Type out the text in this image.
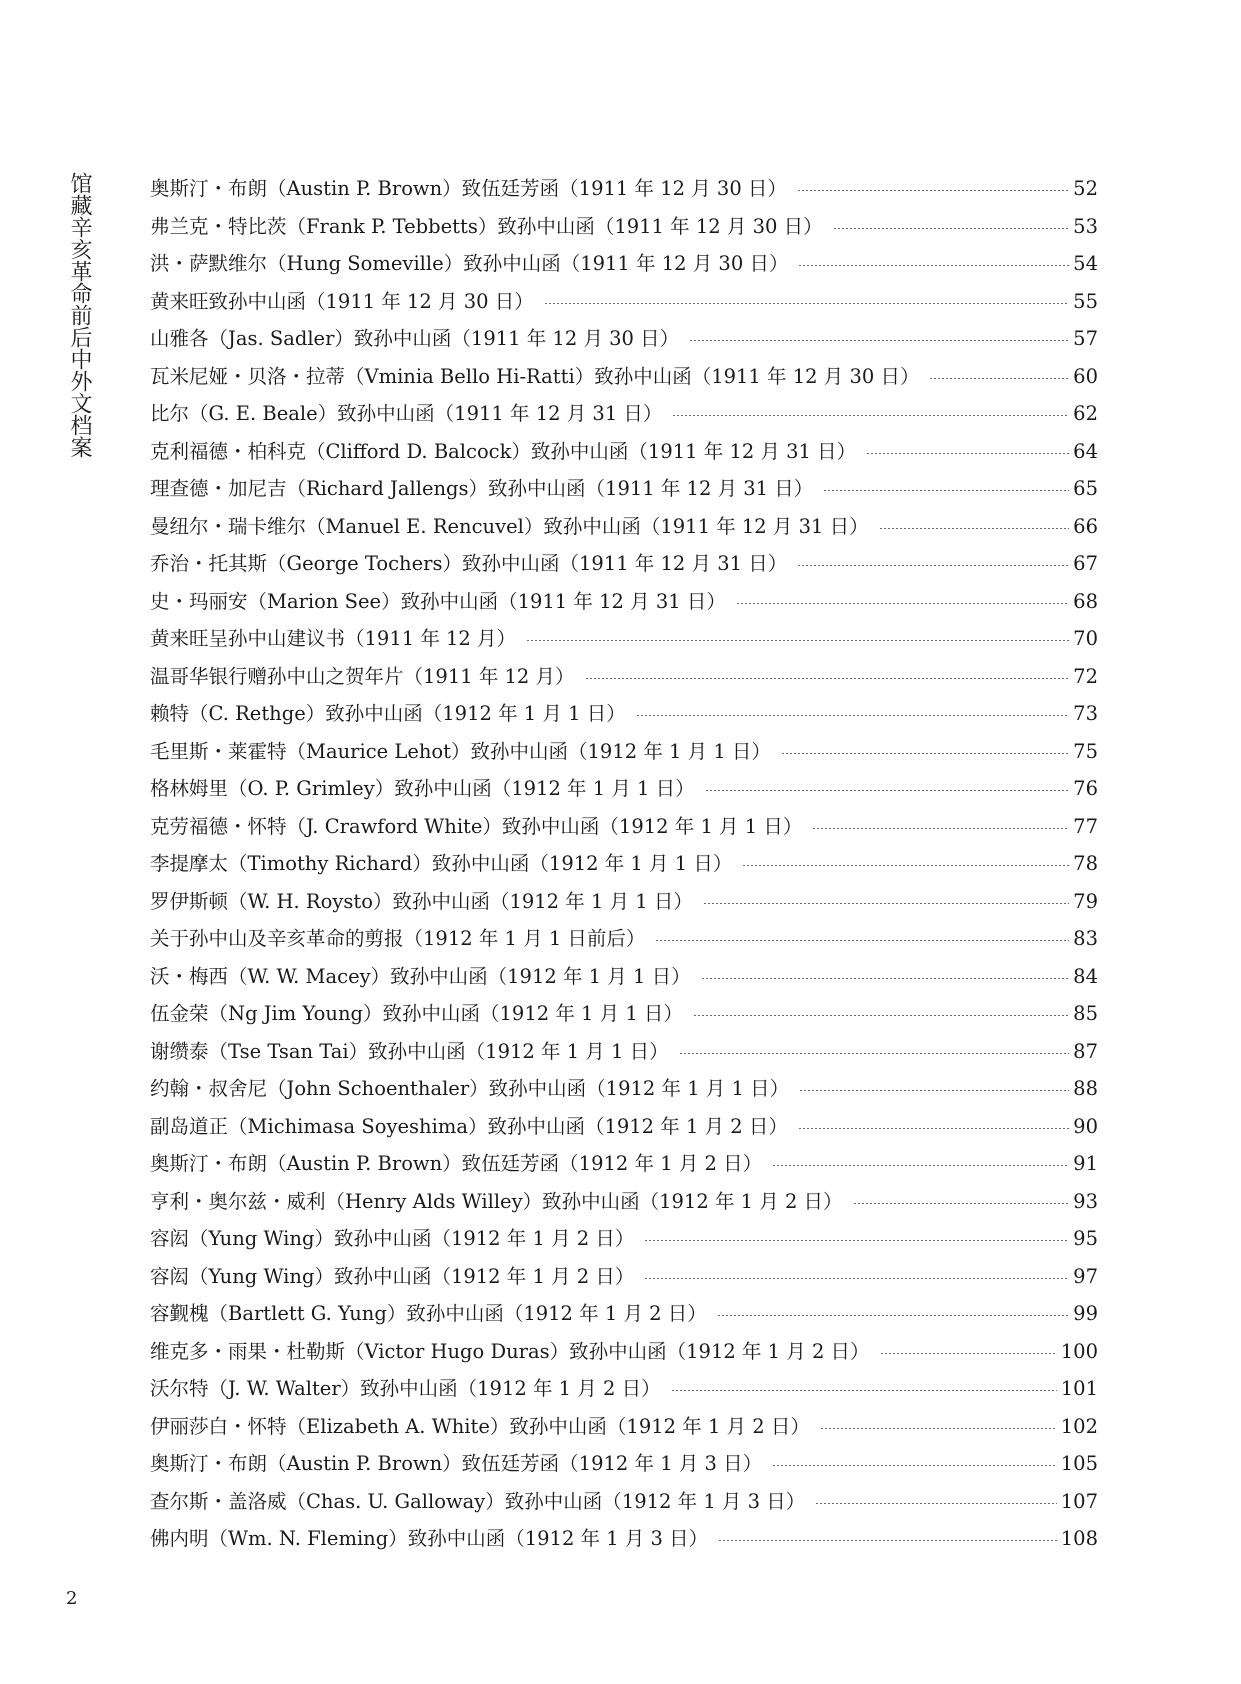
馆藏辛亥革命前后中外文档案	奥斯汀・布朗（Austin P. Brown）致伍廷芳函（1911 年 12 月 30 日）	52
弗兰克・特比茨（Frank P. Tebbetts）致孙中山函（1911 年 12 月 30 日）	53
洪・萨默维尔（Hung Someville）致孙中山函（1911 年 12 月 30 日）	54
黄来旺致孙中山函（1911 年 12 月 30 日）	55
山雅各（Jas. Sadler）致孙中山函（1911 年 12 月 30 日）	57
瓦米尼娅・贝洛・拉蒂（Vminia Bello Hi-Ratti）致孙中山函（1911 年 12 月 30 日）	60
比尔（G. E. Beale）致孙中山函（1911 年 12 月 31 日）	62
克利福德・柏科克（Clifford D. Balcock）致孙中山函（1911 年 12 月 31 日）	64
理查德・加尼吉（Richard Jallengs）致孙中山函（1911 年 12 月 31 日）	65
曼纽尔・瑞卡维尔（Manuel E. Rencuvel）致孙中山函（1911 年 12 月 31 日）	66
乔治・托其斯（George Tochers）致孙中山函（1911 年 12 月 31 日）	67
史・玛丽安（Marion See）致孙中山函（1911 年 12 月 31 日）	68
黄来旺呈孙中山建议书（1911 年 12 月）	70
温哥华银行赠孙中山之贺年片（1911 年 12 月）	72
赖特（C. Rethge）致孙中山函（1912 年 1 月 1 日）	73
毛里斯・莱霍特（Maurice Lehot）致孙中山函（1912 年 1 月 1 日）	75
格林姆里（O. P. Grimley）致孙中山函（1912 年 1 月 1 日）	76
克劳福德・怀特（J. Crawford White）致孙中山函（1912 年 1 月 1 日）	77
李提摩太（Timothy Richard）致孙中山函（1912 年 1 月 1 日）	78
罗伊斯顿（W. H. Roysto）致孙中山函（1912 年 1 月 1 日）	79
关于孙中山及辛亥革命的剪报（1912 年 1 月 1 日前后）	83
沃・梅西（W. W. Macey）致孙中山函（1912 年 1 月 1 日）	84
伍金荣（Ng Jim Young）致孙中山函（1912 年 1 月 1 日）	85
谢缵泰（Tse Tsan Tai）致孙中山函（1912 年 1 月 1 日）	87
约翰・叔舍尼（John Schoenthaler）致孙中山函（1912 年 1 月 1 日）	88
副岛道正（Michimasa Soyeshima）致孙中山函（1912 年 1 月 2 日）	90
奥斯汀・布朗（Austin P. Brown）致伍廷芳函（1912 年 1 月 2 日）	91
亨利・奥尔兹・威利（Henry Alds Willey）致孙中山函（1912 年 1 月 2 日）	93
容闳（Yung Wing）致孙中山函（1912 年 1 月 2 日）	95
容闳（Yung Wing）致孙中山函（1912 年 1 月 2 日）	97
容觐槐（Bartlett G. Yung）致孙中山函（1912 年 1 月 2 日）	99
维克多・雨果・杜勒斯（Victor Hugo Duras）致孙中山函（1912 年 1 月 2 日）	100
沃尔特（J. W. Walter）致孙中山函（1912 年 1 月 2 日）	101
伊丽莎白・怀特（Elizabeth A. White）致孙中山函（1912 年 1 月 2 日）	102
奥斯汀・布朗（Austin P. Brown）致伍廷芳函（1912 年 1 月 3 日）	105
查尔斯・盖洛威（Chas. U. Galloway）致孙中山函（1912 年 1 月 3 日）	107
佛内明（Wm. N. Fleming）致孙中山函（1912 年 1 月 3 日）	108
2
